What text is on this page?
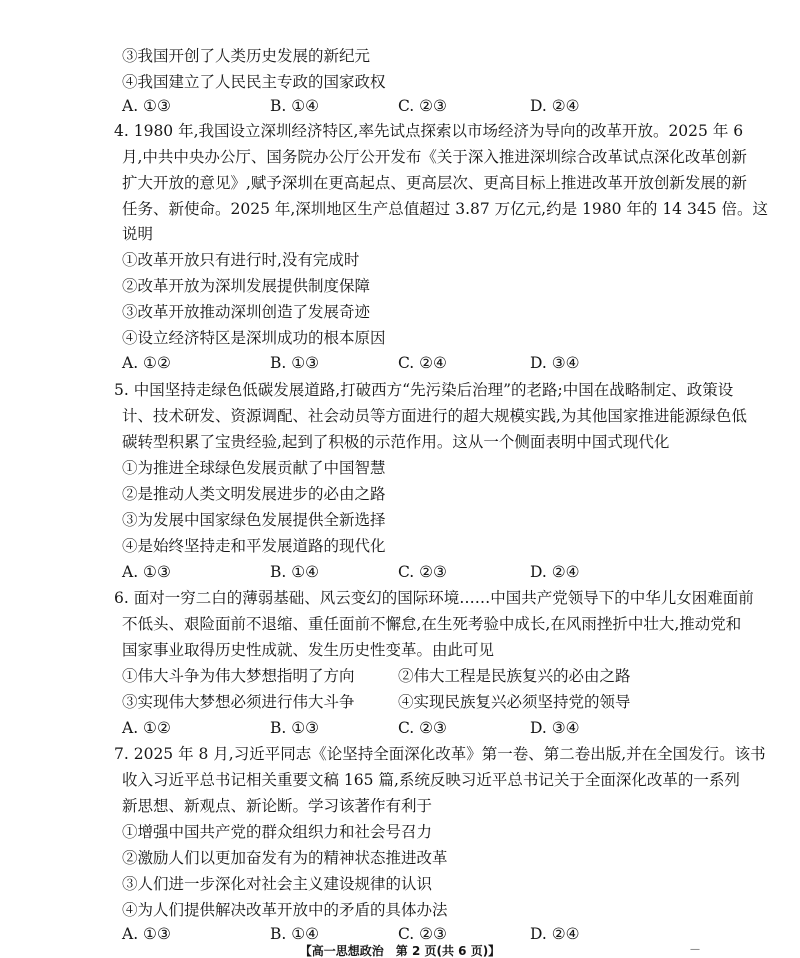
③我国开创了人类历史发展的新纪元
④我国建立了人民民主专政的国家政权
A. ①③	B. ①④	C. ②③	D. ②④
4. 1980 年,我国设立深圳经济特区,率先试点探索以市场经济为导向的改革开放。2025 年 6
月,中共中央办公厅、国务院办公厅公开发布《关于深入推进深圳综合改革试点深化改革创新
扩大开放的意见》,赋予深圳在更高起点、更高层次、更高目标上推进改革开放创新发展的新
任务、新使命。2025 年,深圳地区生产总值超过 3.87 万亿元,约是 1980 年的 14 345 倍。这
说明
①改革开放只有进行时,没有完成时
②改革开放为深圳发展提供制度保障
③改革开放推动深圳创造了发展奇迹
④设立经济特区是深圳成功的根本原因
A. ①②	B. ①③	C. ②④	D. ③④
5. 中国坚持走绿色低碳发展道路,打破西方“先污染后治理”的老路;中国在战略制定、政策设
计、技术研发、资源调配、社会动员等方面进行的超大规模实践,为其他国家推进能源绿色低
碳转型积累了宝贵经验,起到了积极的示范作用。这从一个侧面表明中国式现代化
①为推进全球绿色发展贡献了中国智慧
②是推动人类文明发展进步的必由之路
③为发展中国家绿色发展提供全新选择
④是始终坚持走和平发展道路的现代化
A. ①③	B. ①④	C. ②③	D. ②④
6. 面对一穷二白的薄弱基础、风云变幻的国际环境……中国共产党领导下的中华儿女困难面前
不低头、艰险面前不退缩、重任面前不懈怠,在生死考验中成长,在风雨挫折中壮大,推动党和
国家事业取得历史性成就、发生历史性变革。由此可见
①伟大斗争为伟大梦想指明了方向	②伟大工程是民族复兴的必由之路
③实现伟大梦想必须进行伟大斗争	④实现民族复兴必须坚持党的领导
A. ①②	B. ①③	C. ②③	D. ③④
7. 2025 年 8 月,习近平同志《论坚持全面深化改革》第一卷、第二卷出版,并在全国发行。该书
收入习近平总书记相关重要文稿 165 篇,系统反映习近平总书记关于全面深化改革的一系列
新思想、新观点、新论断。学习该著作有利于
①增强中国共产党的群众组织力和社会号召力
②激励人们以更加奋发有为的精神状态推进改革
③人们进一步深化对社会主义建设规律的认识
④为人们提供解决改革开放中的矛盾的具体办法
A. ①③	B. ①④	C. ②③	D. ②④
【高一思想政治　第 2 页(共 6 页)】	—
